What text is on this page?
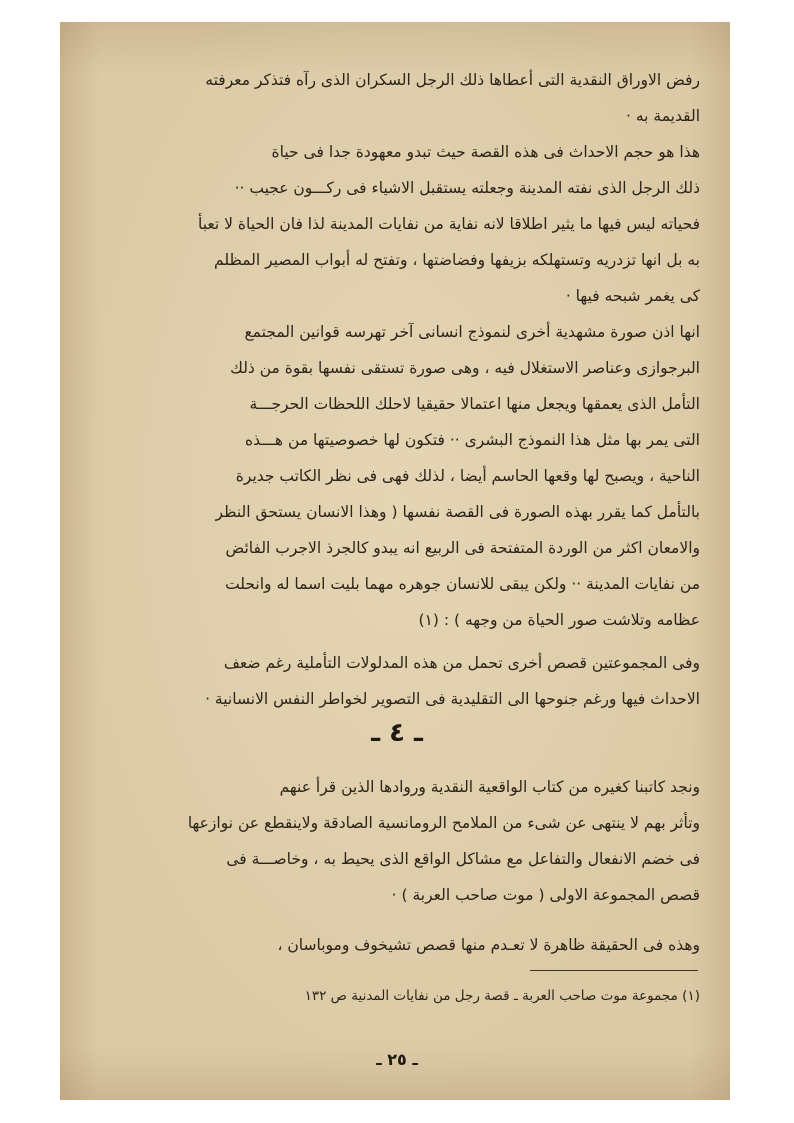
رفض الاوراق النقدية التى أعطاها ذلك الرجل السكران الذى رآه فتذكر معرفته
القديمة به ·
هذا هو حجم الاحداث فى هذه القصة حيث تبدو معهودة جدا فى حياة
ذلك الرجل الذى نفته المدينة وجعلته يستقبل الاشياء فى ركـــون عجيب ··
فحياته ليس فيها ما يثير اطلاقا لانه نفاية من نفايات المدينة لذا فان الحياة لا تعبأ
به بل انها تزدريه وتستهلكه بزيفها وفضاضتها ، وتفتح له أبواب المصير المظلم
كى يغمر شبحه فيها ·
انها اذن صورة مشهدية أخرى لنموذج انسانى آخر تهرسه قوانين المجتمع
البرجوازى وعناصر الاستغلال فيه ، وهى صورة تستقى نفسها بقوة من ذلك
التأمل الذى يعمقها ويجعل منها اعتمالا حقيقيا لاحلك اللحظات الحرجـــة
التى يمر بها مثل هذا النموذج البشرى ·· فتكون لها خصوصيتها من هـــذه
الناحية ، ويصبح لها وقعها الحاسم أيضا ، لذلك فهى فى نظر الكاتب جديرة
بالتأمل كما يقرر بهذه الصورة فى القصة نفسها ( وهذا الانسان يستحق النظر
والامعان اكثر من الوردة المتفتحة فى الربيع انه يبدو كالجرذ الاجرب الفائض
من نفايات المدينة ·· ولكن يبقى للانسان جوهره مهما بليت اسما له وانحلت
عظامه وتلاشت صور الحياة من وجهه ) : (١)
وفى المجموعتين قصص أخرى تحمل من هذه المدلولات التأملية رغم ضعف
الاحداث فيها ورغم جنوحها الى التقليدية فى التصوير لخواطر النفس الانسانية ·
ـ ٤ ـ
ونجد كاتبنا كغيره من كتاب الواقعية النقدية وروادها الذين قرأ عنهم
وتأثر بهم لا ينتهى عن شىء من الملامح الرومانسية الصادقة ولاينقطع عن نوازعها
فى خضم الانفعال والتفاعل مع مشاكل الواقع الذى يحيط به ، وخاصـــة فى
قصص المجموعة الاولى ( موت صاحب العربة ) ·
وهذه فى الحقيقة ظاهرة لا تعـدم منها قصص تشيخوف وموباسان ،

(١) مجموعة موت صاحب العربة ـ قصة رجل من نفايات المدنية ص ١٣٢

ـ ٢٥ ـ
